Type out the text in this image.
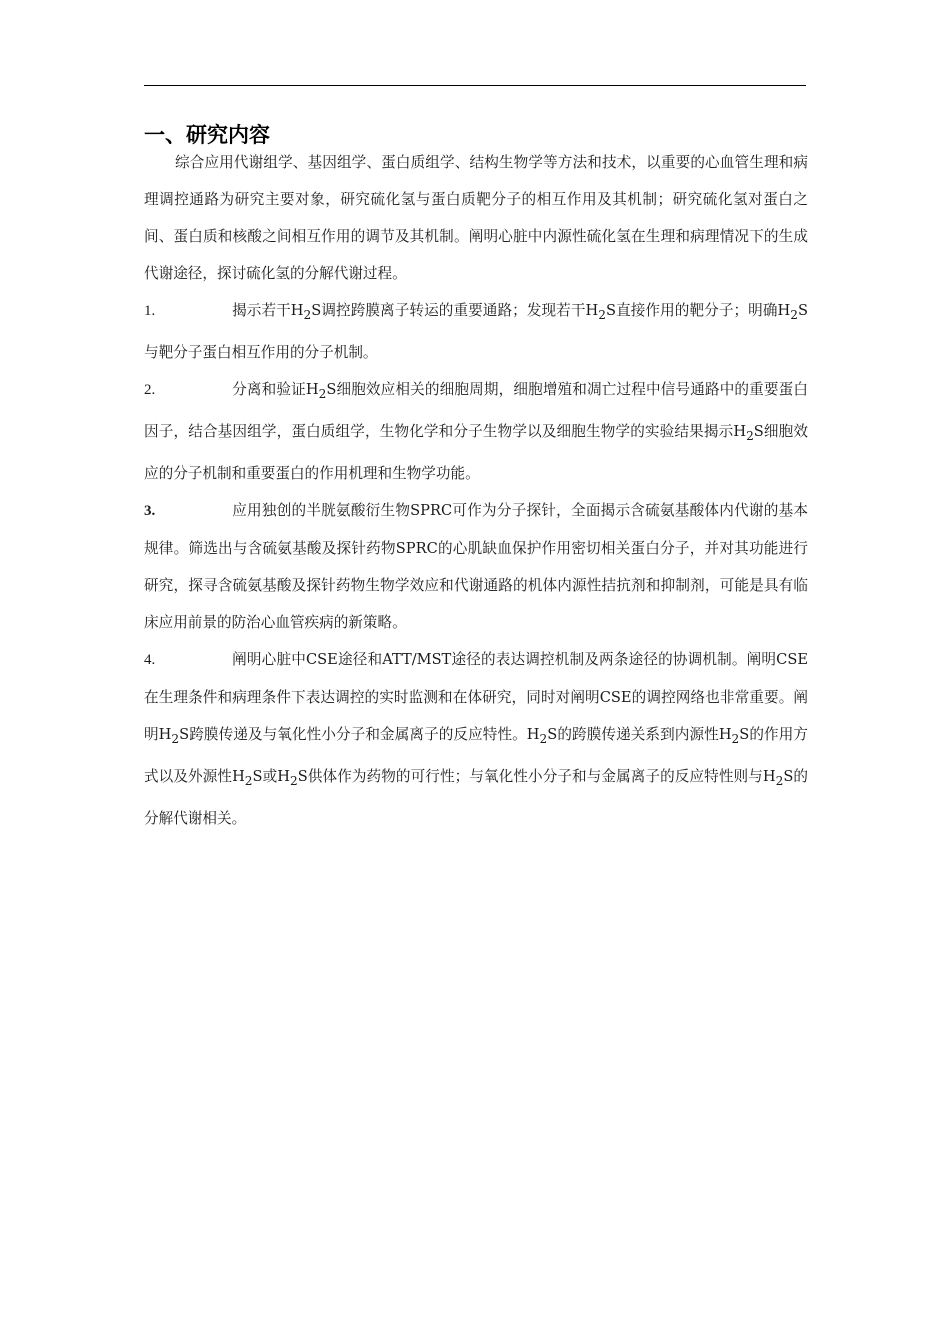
一、研究内容

综合应用代谢组学、基因组学、蛋白质组学、结构生物学等方法和技术，以重要的心血管生理和病理调控通路为研究主要对象，研究硫化氢与蛋白质靶分子的相互作用及其机制；研究硫化氢对蛋白之间、蛋白质和核酸之间相互作用的调节及其机制。阐明心脏中内源性硫化氢在生理和病理情况下的生成代谢途径，探讨硫化氢的分解代谢过程。

1.	揭示若干$H_2S$调控跨膜离子转运的重要通路；发现若干$H_2S$直接作用的靶分子；明确$H_2S$与靶分子蛋白相互作用的分子机制。

2.	分离和验证$H_2S$细胞效应相关的细胞周期，细胞增殖和凋亡过程中信号通路中的重要蛋白因子，结合基因组学，蛋白质组学，生物化学和分子生物学以及细胞生物学的实验结果揭示$H_2S$细胞效应的分子机制和重要蛋白的作用机理和生物学功能。

3.	应用独创的半胱氨酸衍生物SPRC可作为分子探针，全面揭示含硫氨基酸体内代谢的基本规律。筛选出与含硫氨基酸及探针药物SPRC的心肌缺血保护作用密切相关蛋白分子，并对其功能进行研究，探寻含硫氨基酸及探针药物生物学效应和代谢通路的机体内源性拮抗剂和抑制剂，可能是具有临床应用前景的防治心血管疾病的新策略。

4.	阐明心脏中CSE途径和ATT/MST途径的表达调控机制及两条途径的协调机制。阐明CSE在生理条件和病理条件下表达调控的实时监测和在体研究，同时对阐明CSE的调控网络也非常重要。阐明$H_2S$跨膜传递及与氧化性小分子和金属离子的反应特性。$H_2S$的跨膜传递关系到内源性$H_2S$的作用方式以及外源性$H_2S$或$H_2S$供体作为药物的可行性；与氧化性小分子和与金属离子的反应特性则与$H_2S$的分解代谢相关。
